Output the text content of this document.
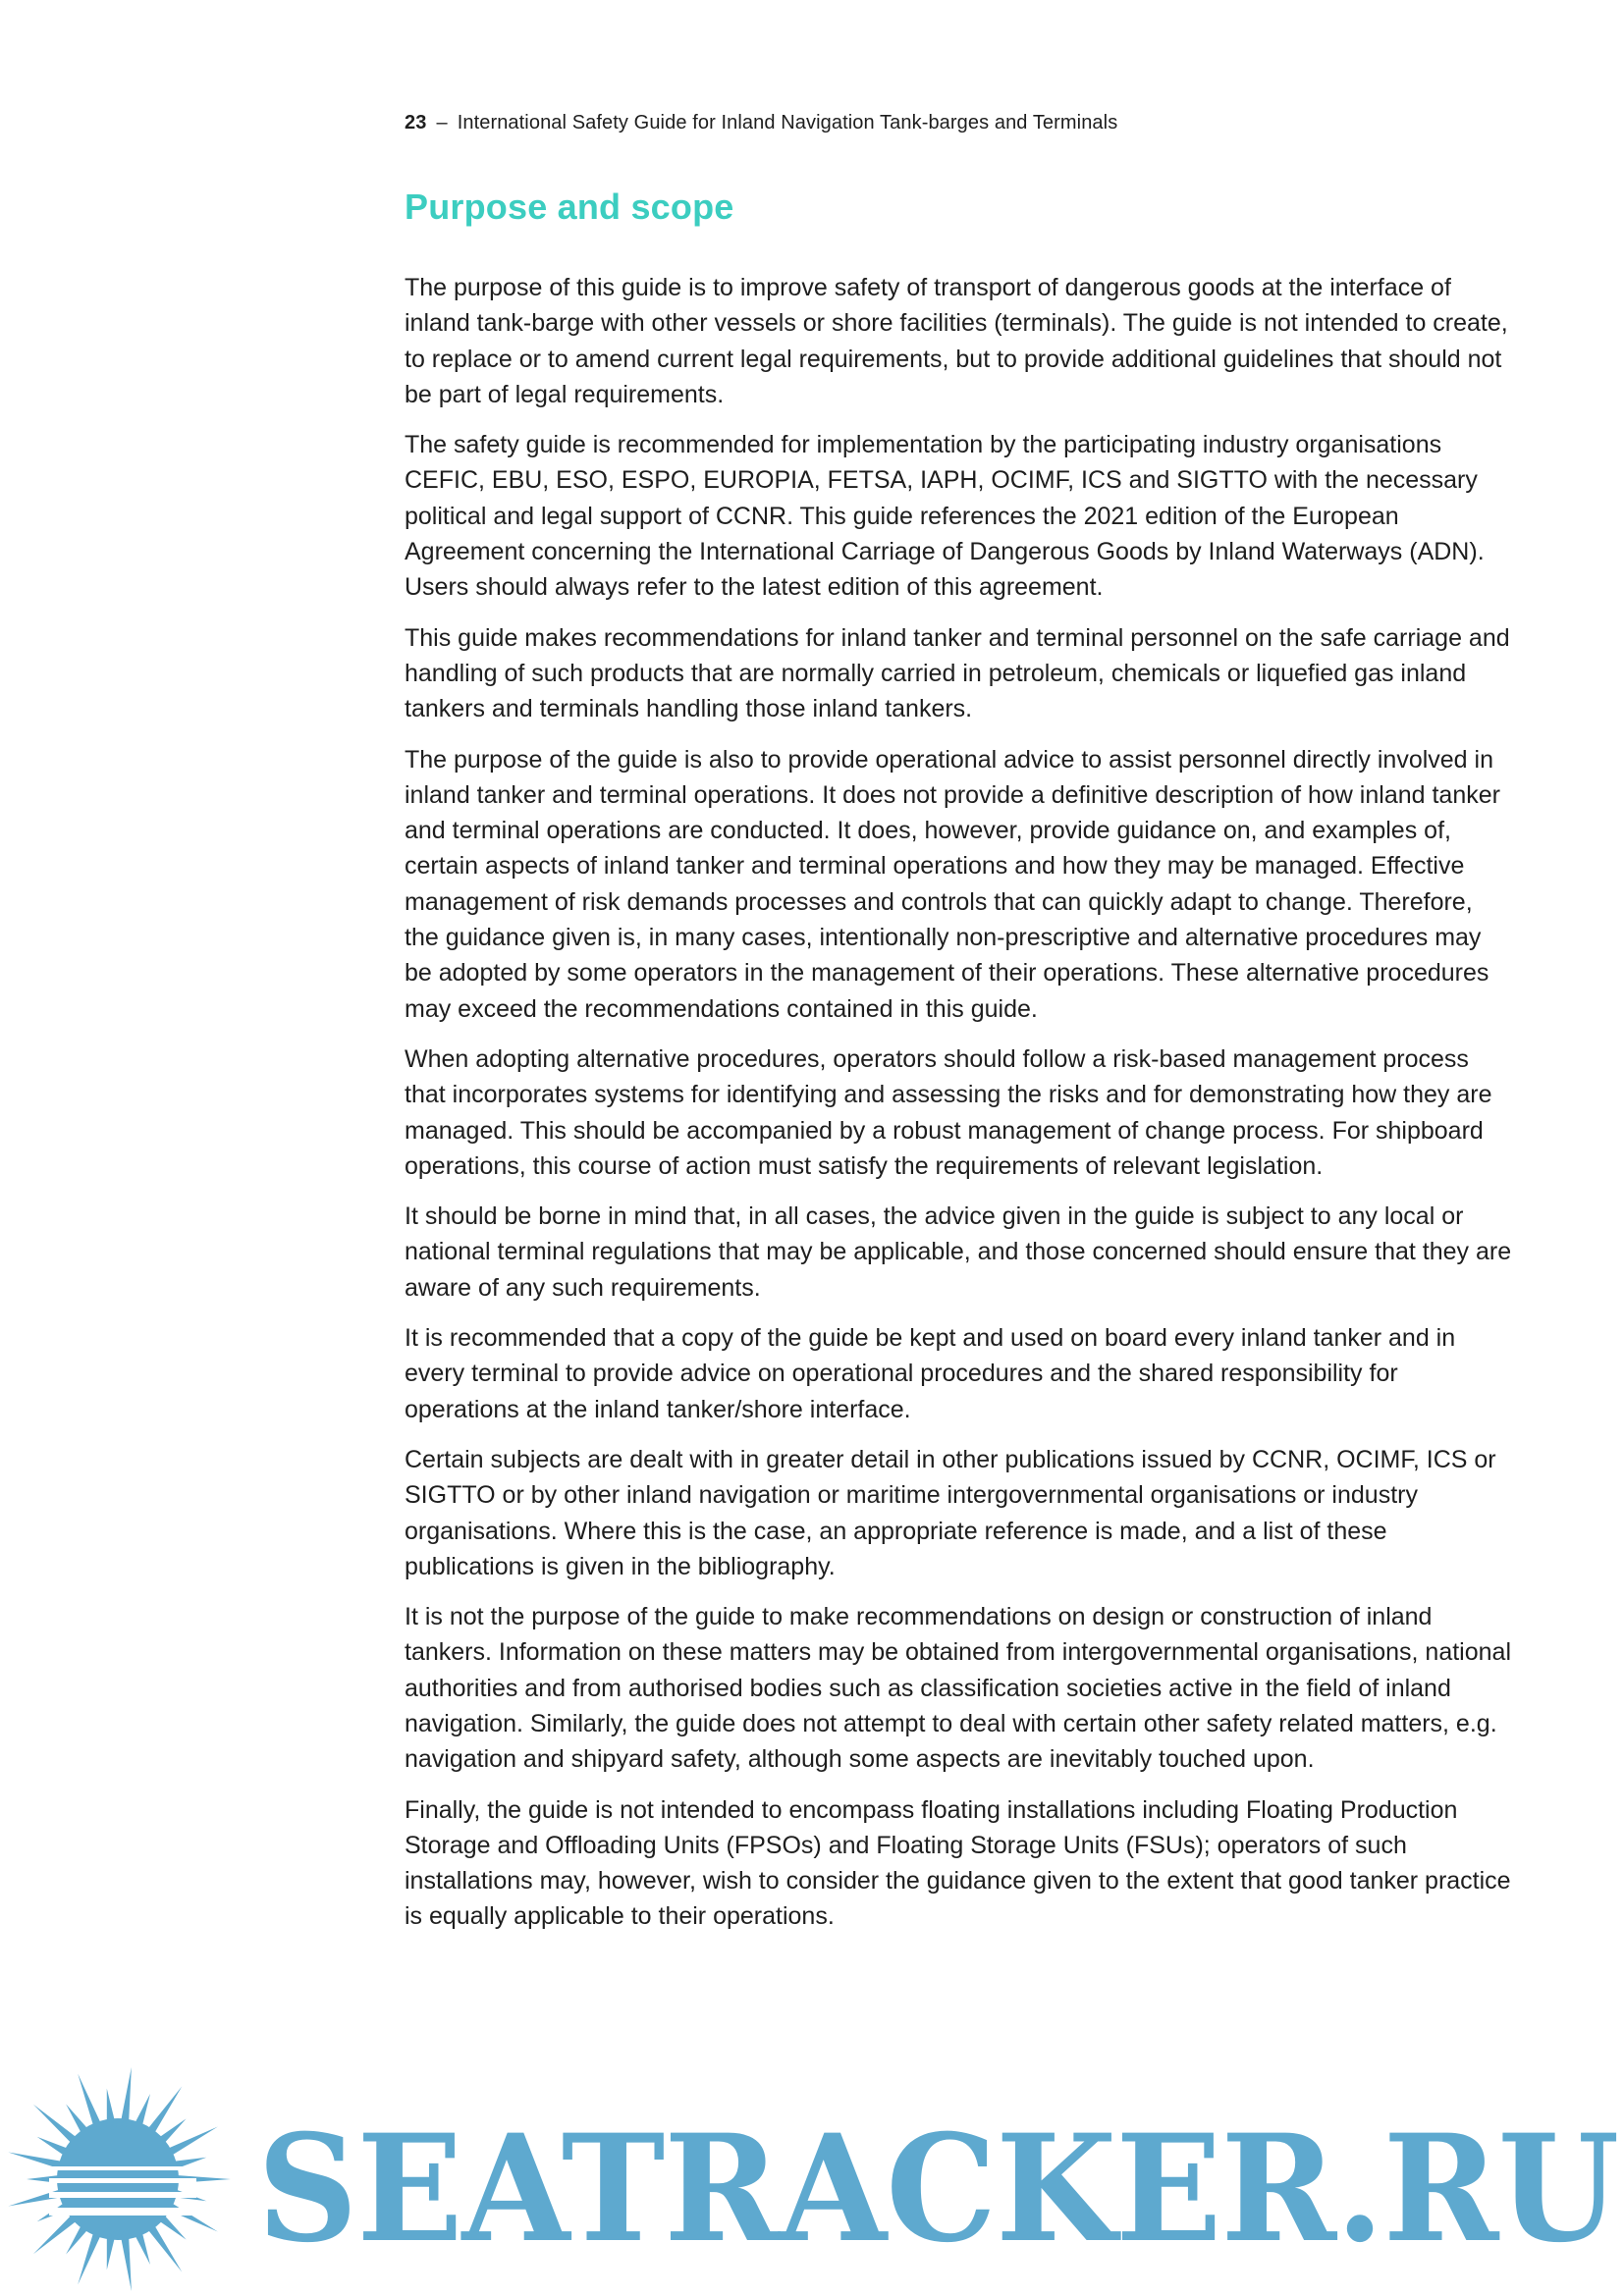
23 – International Safety Guide for Inland Navigation Tank-barges and Terminals
Purpose and scope

The purpose of this guide is to improve safety of transport of dangerous goods at the interface of inland tank-barge with other vessels or shore facilities (terminals). The guide is not intended to create, to replace or to amend current legal requirements, but to provide additional guidelines that should not be part of legal requirements.

The safety guide is recommended for implementation by the participating industry organisations CEFIC, EBU, ESO, ESPO, EUROPIA, FETSA, IAPH, OCIMF, ICS and SIGTTO with the necessary political and legal support of CCNR. This guide references the 2021 edition of the European Agreement concerning the International Carriage of Dangerous Goods by Inland Waterways (ADN). Users should always refer to the latest edition of this agreement.

This guide makes recommendations for inland tanker and terminal personnel on the safe carriage and handling of such products that are normally carried in petroleum, chemicals or liquefied gas inland tankers and terminals handling those inland tankers.

The purpose of the guide is also to provide operational advice to assist personnel directly involved in inland tanker and terminal operations. It does not provide a definitive description of how inland tanker and terminal operations are conducted. It does, however, provide guidance on, and examples of, certain aspects of inland tanker and terminal operations and how they may be managed. Effective management of risk demands processes and controls that can quickly adapt to change. Therefore, the guidance given is, in many cases, intentionally non-prescriptive and alternative procedures may be adopted by some operators in the management of their operations. These alternative procedures may exceed the recommendations contained in this guide.

When adopting alternative procedures, operators should follow a risk-based management process that incorporates systems for identifying and assessing the risks and for demonstrating how they are managed. This should be accompanied by a robust management of change process. For shipboard operations, this course of action must satisfy the requirements of relevant legislation.

It should be borne in mind that, in all cases, the advice given in the guide is subject to any local or national terminal regulations that may be applicable, and those concerned should ensure that they are aware of any such requirements.

It is recommended that a copy of the guide be kept and used on board every inland tanker and in every terminal to provide advice on operational procedures and the shared responsibility for operations at the inland tanker/shore interface.

Certain subjects are dealt with in greater detail in other publications issued by CCNR, OCIMF, ICS or SIGTTO or by other inland navigation or maritime intergovernmental organisations or industry organisations. Where this is the case, an appropriate reference is made, and a list of these publications is given in the bibliography.

It is not the purpose of the guide to make recommendations on design or construction of inland tankers. Information on these matters may be obtained from intergovernmental organisations, national authorities and from authorised bodies such as classification societies active in the field of inland navigation. Similarly, the guide does not attempt to deal with certain other safety related matters, e.g. navigation and shipyard safety, although some aspects are inevitably touched upon.

Finally, the guide is not intended to encompass floating installations including Floating Production Storage and Offloading Units (FPSOs) and Floating Storage Units (FSUs); operators of such installations may, however, wish to consider the guidance given to the extent that good tanker practice is equally applicable to their operations.

SEATRACKER.RU
